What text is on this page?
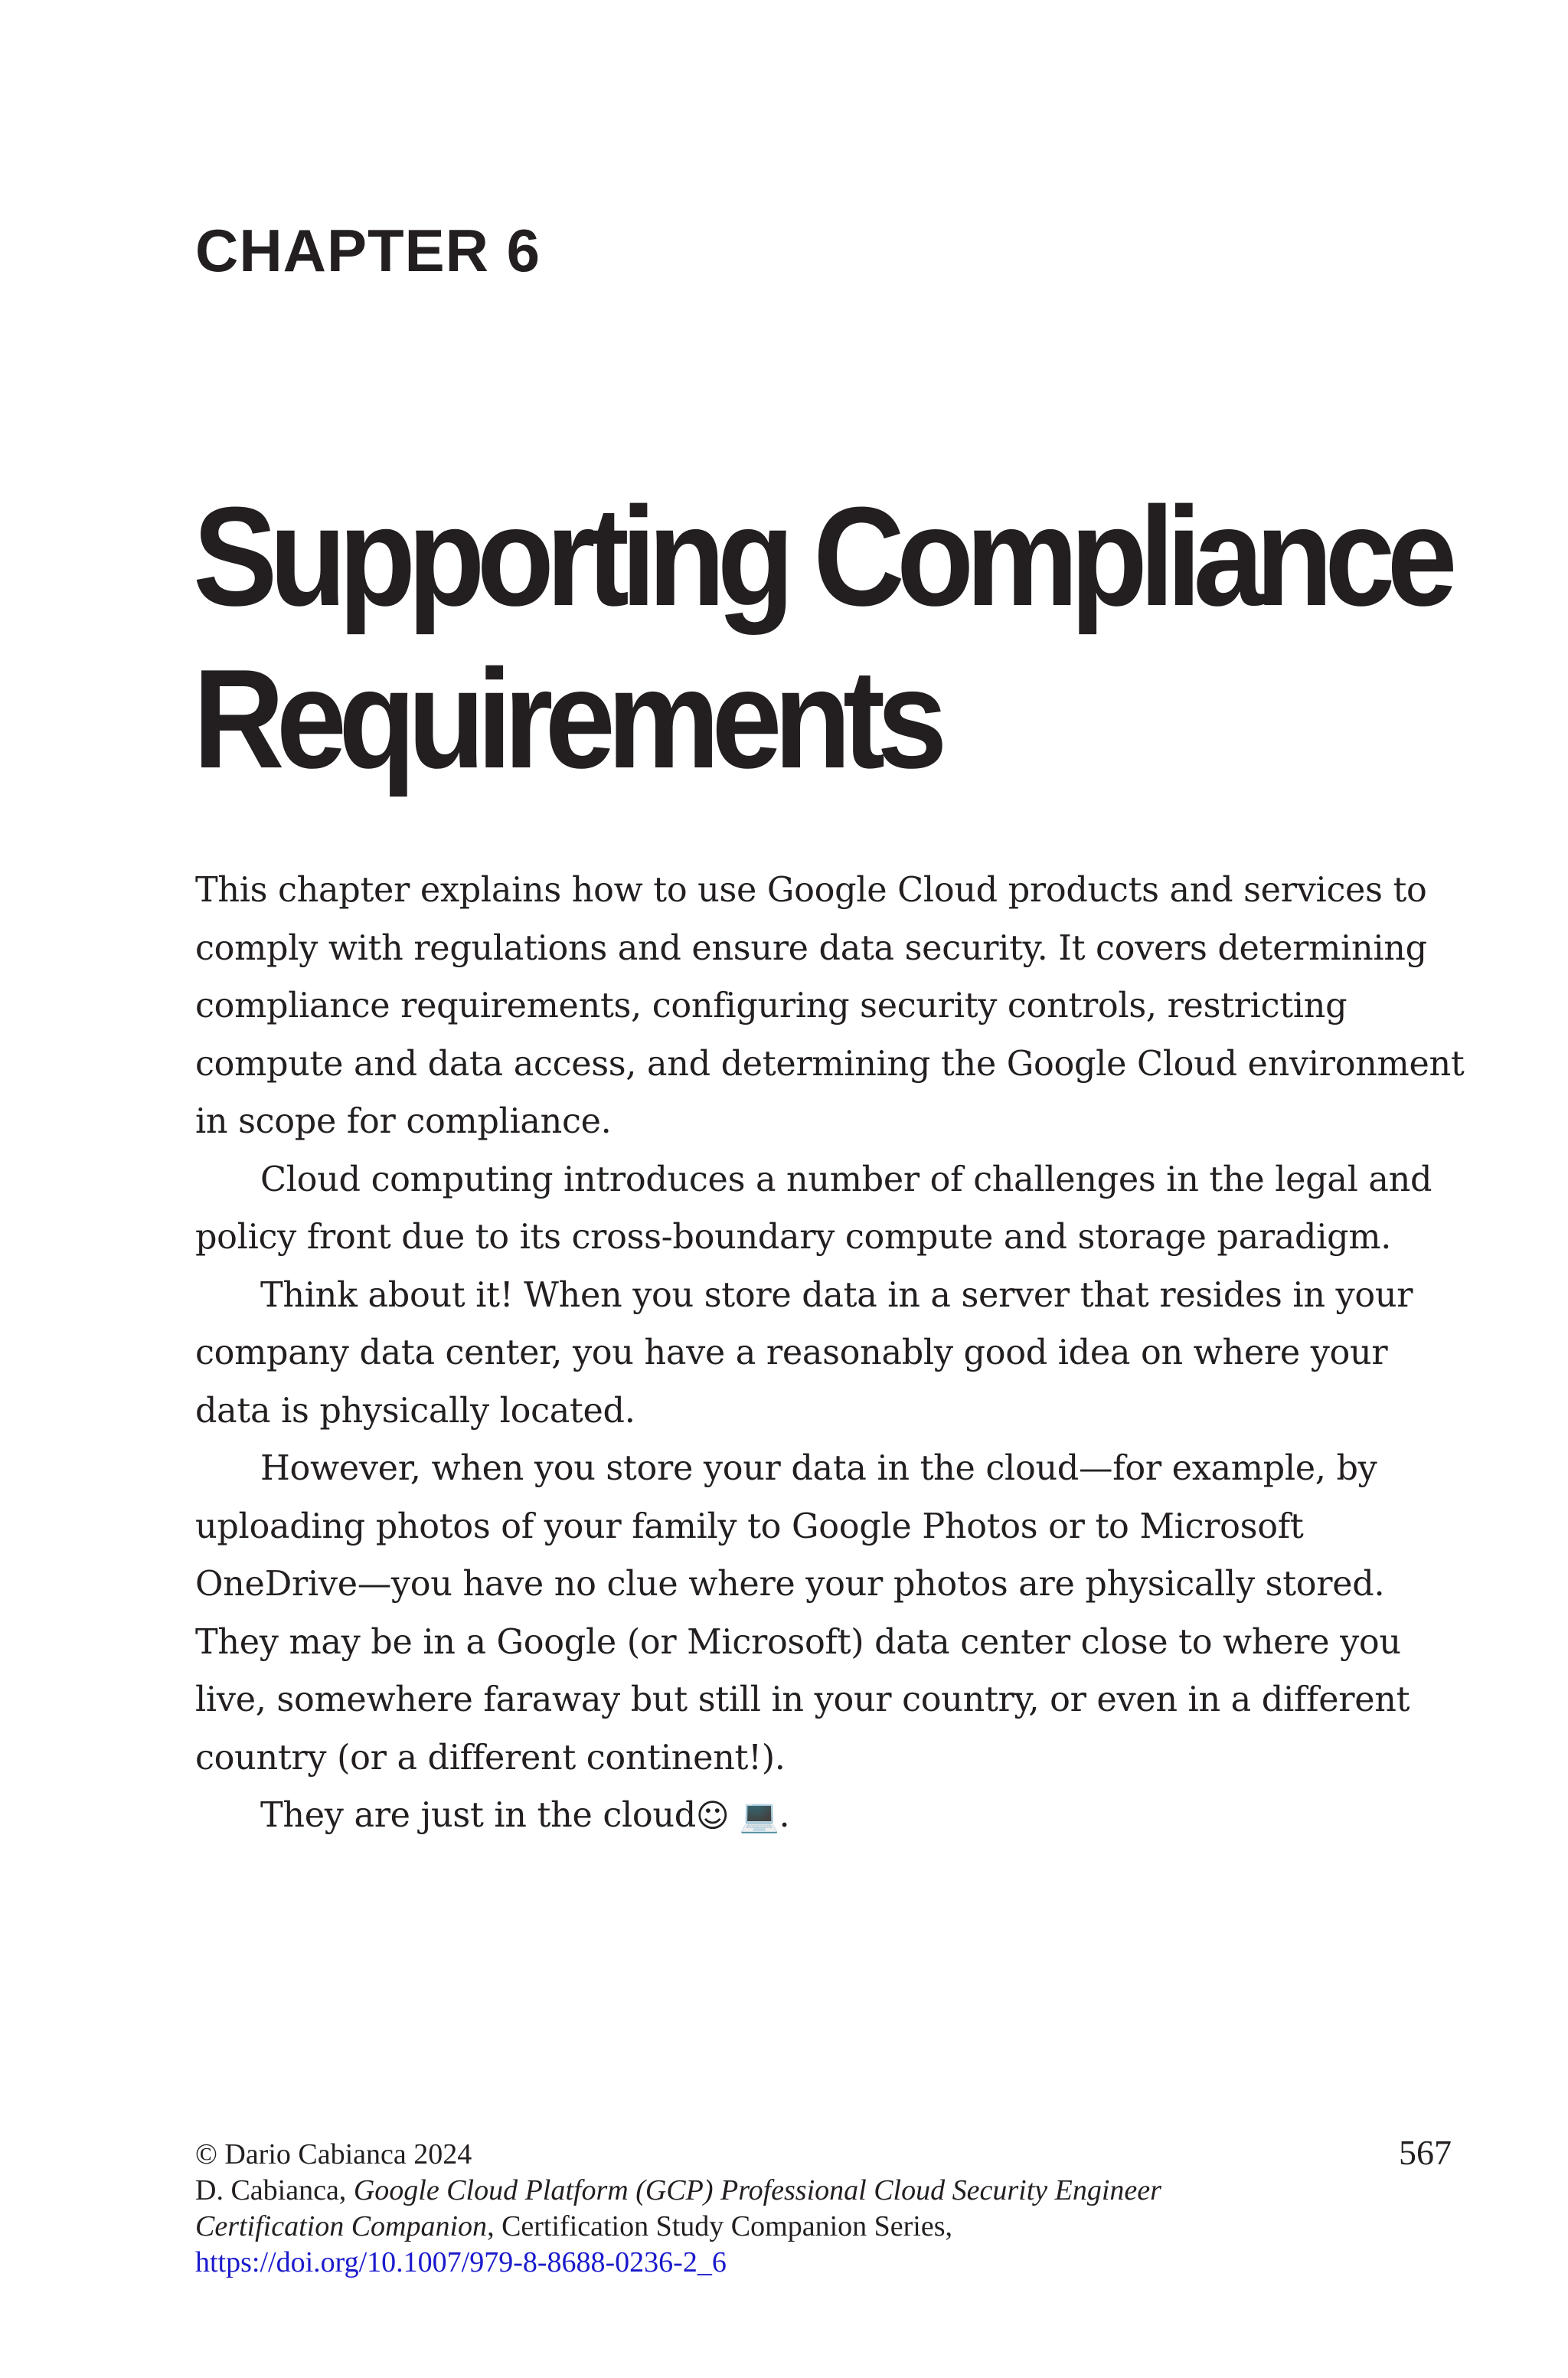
CHAPTER 6
Supporting Compliance
Requirements

This chapter explains how to use Google Cloud products and services to comply with regulations and ensure data security. It covers determining compliance requirements, configuring security controls, restricting compute and data access, and determining the Google Cloud environment in scope for compliance.

Cloud computing introduces a number of challenges in the legal and policy front due to its cross-boundary compute and storage paradigm.

Think about it! When you store data in a server that resides in your company data center, you have a reasonably good idea on where your data is physically located.

However, when you store your data in the cloud—for example, by uploading photos of your family to Google Photos or to Microsoft OneDrive—you have no clue where your photos are physically stored. They may be in a Google (or Microsoft) data center close to where you live, somewhere faraway but still in your country, or even in a different country (or a different continent!).

They are just in the cloud☺ 💻.

© Dario Cabianca 2024
D. Cabianca, Google Cloud Platform (GCP) Professional Cloud Security Engineer
Certification Companion, Certification Study Companion Series,
https://doi.org/10.1007/979-8-8688-0236-2_6
567
